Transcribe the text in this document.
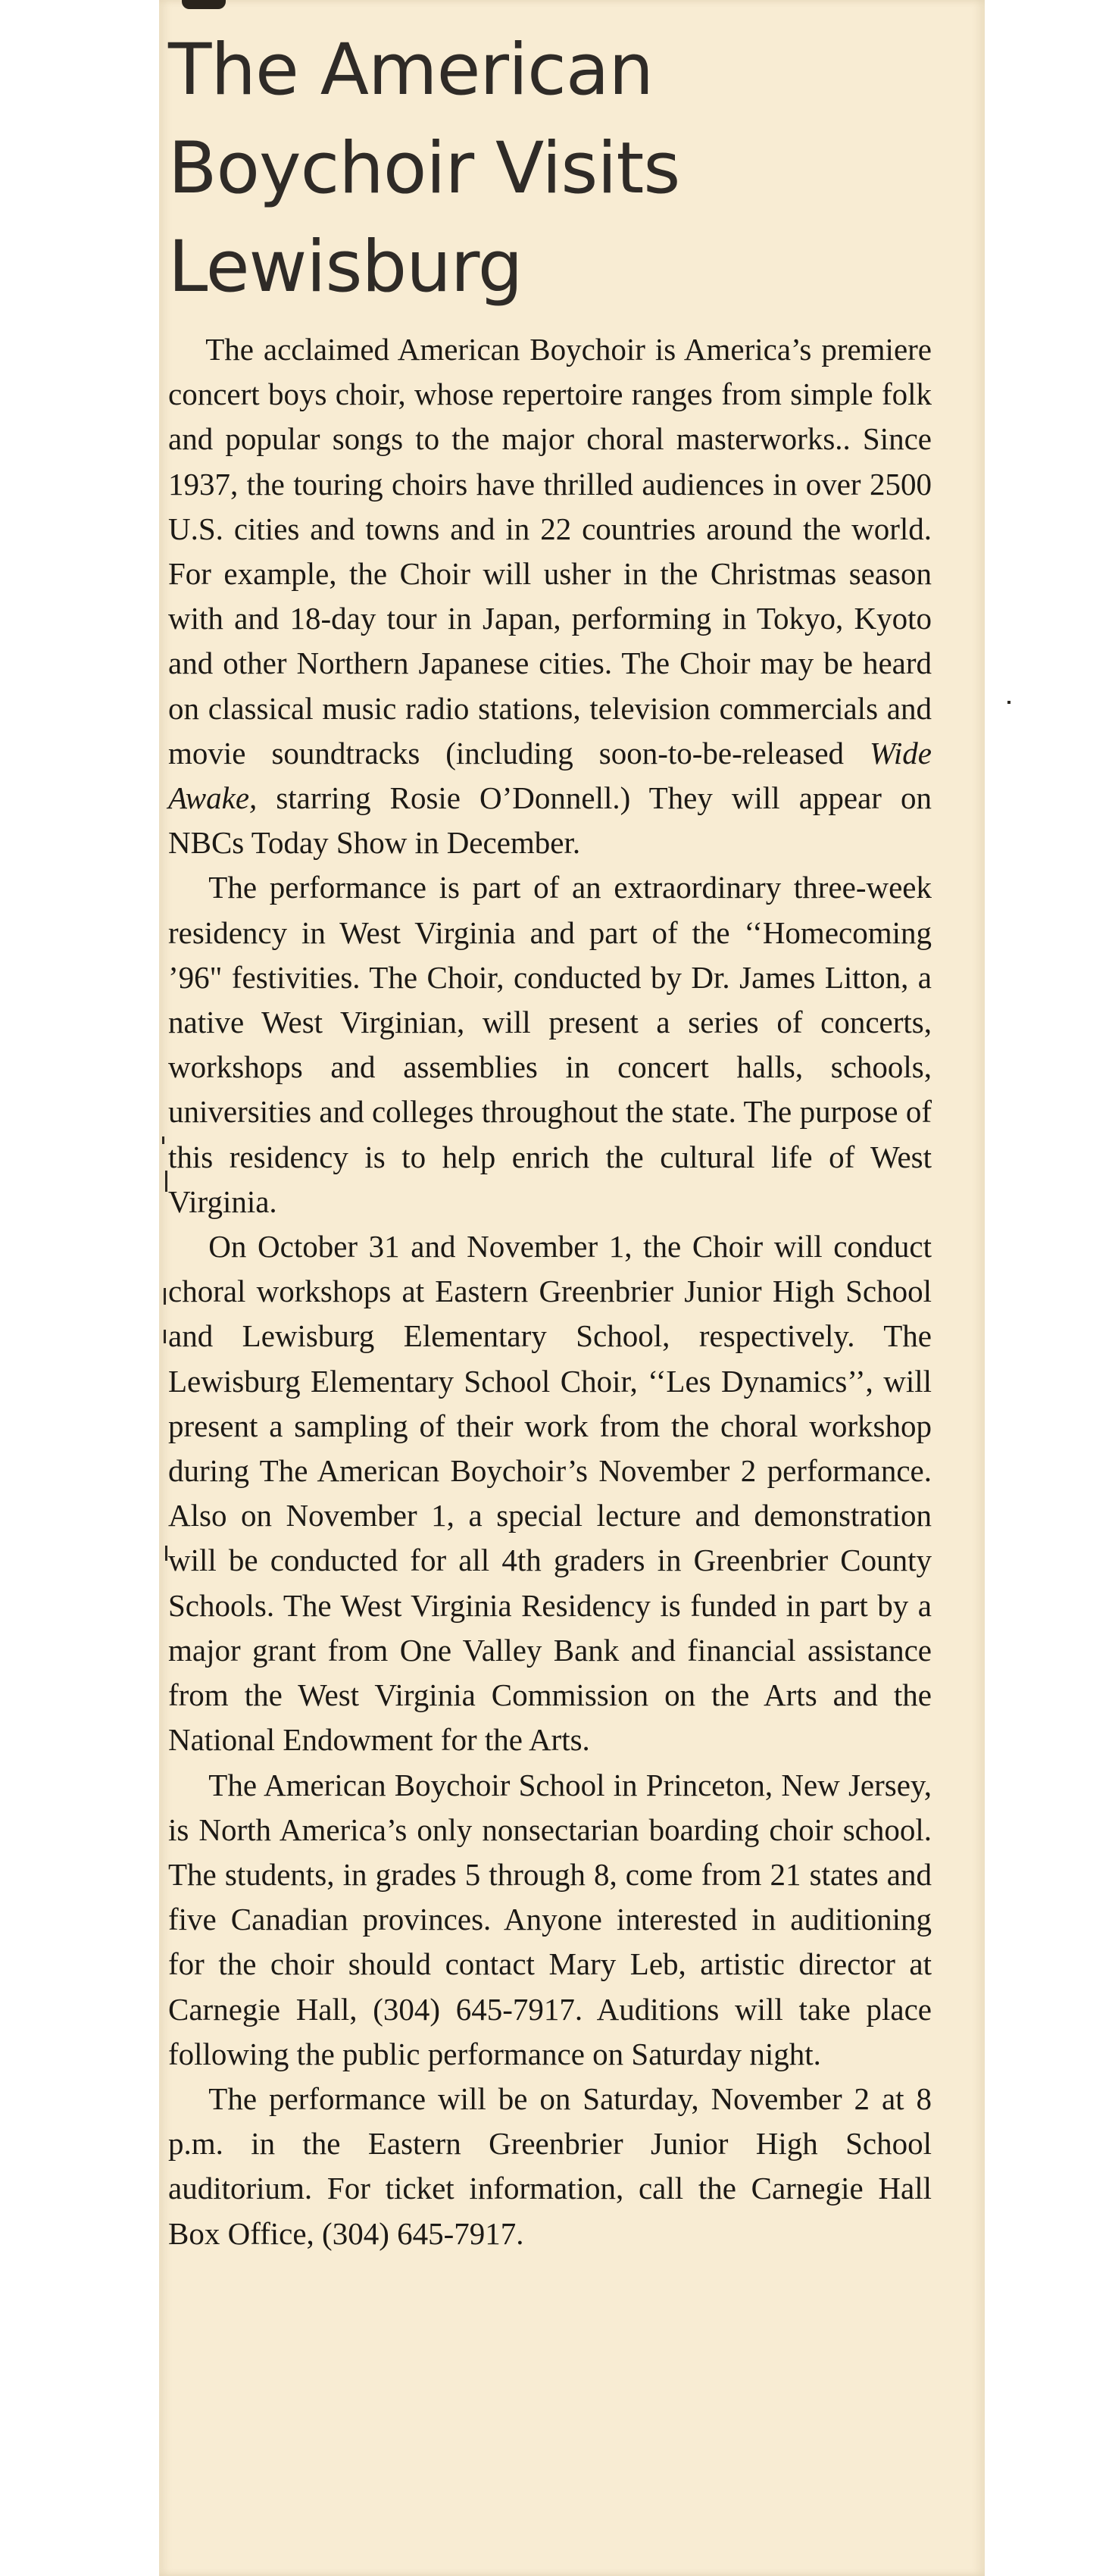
The American
Boychoir Visits
Lewisburg

The acclaimed American Boychoir is America’s premiere concert boys choir, whose repertoire ranges from simple folk and popular songs to the major choral masterworks.. Since 1937, the touring choirs have thrilled audiences in over 2500 U.S. cities and towns and in 22 countries around the world. For example, the Choir will usher in the Christmas season with and 18-day tour in Japan, performing in Tokyo, Kyoto and other Northern Japanese cities. The Choir may be heard on classical music radio stations, television commercials and movie soundtracks (including soon-to-be-released Wide Awake, starring Rosie O’Donnell.) They will appear on NBCs Today Show in December.

The performance is part of an extraordinary three-week residency in West Virginia and part of the ‘‘Homecoming ’96" festivities. The Choir, conducted by Dr. James Litton, a native West Virginian, will present a series of concerts, workshops and assemblies in concert halls, schools, universities and colleges throughout the state. The purpose of this residency is to help enrich the cultural life of West Virginia.

On October 31 and November 1, the Choir will conduct choral workshops at Eastern Greenbrier Junior High School and Lewisburg Elementary School, respectively. The Lewisburg Elementary School Choir, ‘‘Les Dynamics’’, will present a sampling of their work from the choral workshop during The American Boychoir’s November 2 performance. Also on November 1, a special lecture and demonstration will be conducted for all 4th graders in Greenbrier County Schools. The West Virginia Residency is funded in part by a major grant from One Valley Bank and financial assistance from the West Virginia Commission on the Arts and the National Endowment for the Arts.

The American Boychoir School in Princeton, New Jersey, is North America’s only nonsectarian boarding choir school. The students, in grades 5 through 8, come from 21 states and five Canadian provinces. Anyone interested in auditioning for the choir should contact Mary Leb, artistic director at Carnegie Hall, (304) 645-7917. Auditions will take place following the public performance on Saturday night.

The performance will be on Saturday, November 2 at 8 p.m. in the Eastern Greenbrier Junior High School auditorium. For ticket information, call the Carnegie Hall Box Office, (304) 645-7917.
